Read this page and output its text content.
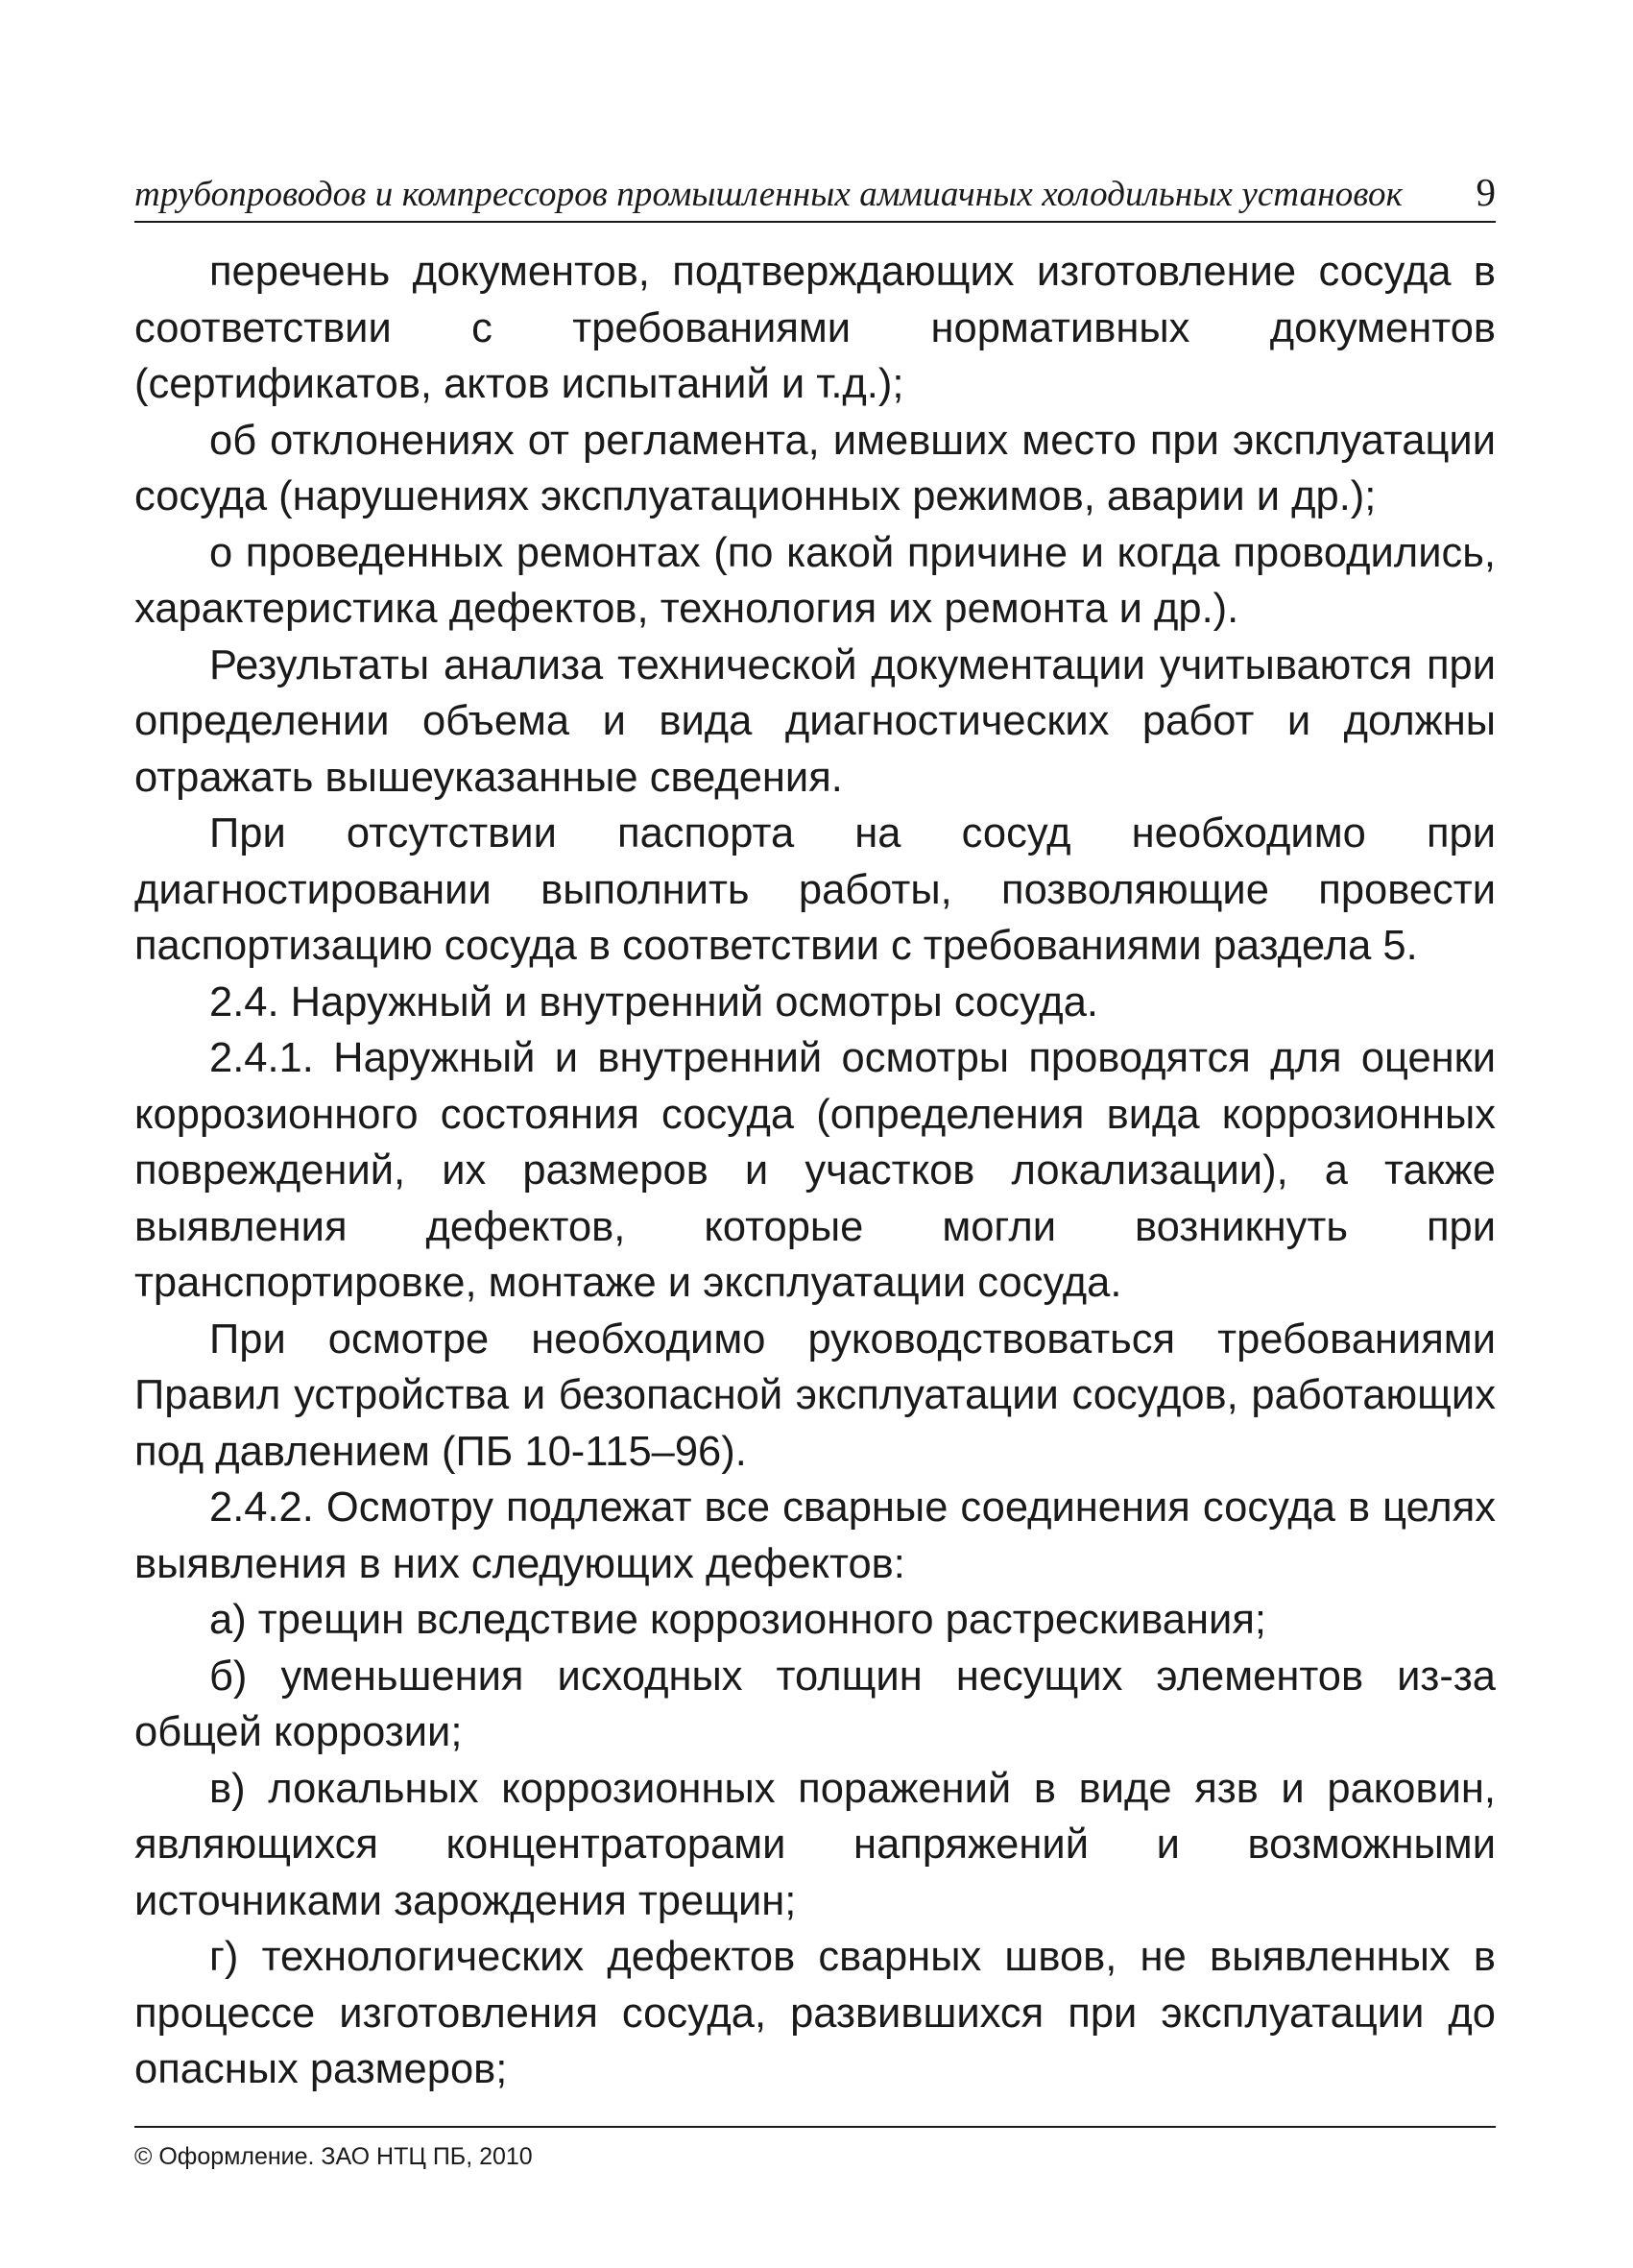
трубопроводов и компрессоров промышленных аммиачных холодильных установок 9

перечень документов, подтверждающих изготовление сосуда в соответствии с требованиями нормативных документов (сертификатов, актов испытаний и т.д.);

об отклонениях от регламента, имевших место при эксплуатации сосуда (нарушениях эксплуатационных режимов, аварии и др.);

о проведенных ремонтах (по какой причине и когда проводились, характеристика дефектов, технология их ремонта и др.).

Результаты анализа технической документации учитываются при определении объема и вида диагностических работ и должны отражать вышеуказанные сведения.

При отсутствии паспорта на сосуд необходимо при диагностировании выполнить работы, позволяющие провести паспортизацию сосуда в соответствии с требованиями раздела 5.

2.4. Наружный и внутренний осмотры сосуда.

2.4.1. Наружный и внутренний осмотры проводятся для оценки коррозионного состояния сосуда (определения вида коррозионных повреждений, их размеров и участков локализации), а также выявления дефектов, которые могли возникнуть при транспортировке, монтаже и эксплуатации сосуда.

При осмотре необходимо руководствоваться требованиями Правил устройства и безопасной эксплуатации сосудов, работающих под давлением (ПБ 10-115–96).

2.4.2. Осмотру подлежат все сварные соединения сосуда в целях выявления в них следующих дефектов:

а) трещин вследствие коррозионного растрескивания;

б) уменьшения исходных толщин несущих элементов из-за общей коррозии;

в) локальных коррозионных поражений в виде язв и раковин, являющихся концентраторами напряжений и возможными источниками зарождения трещин;

г) технологических дефектов сварных швов, не выявленных в процессе изготовления сосуда, развившихся при эксплуатации до опасных размеров;

© Оформление. ЗАО НТЦ ПБ, 2010
